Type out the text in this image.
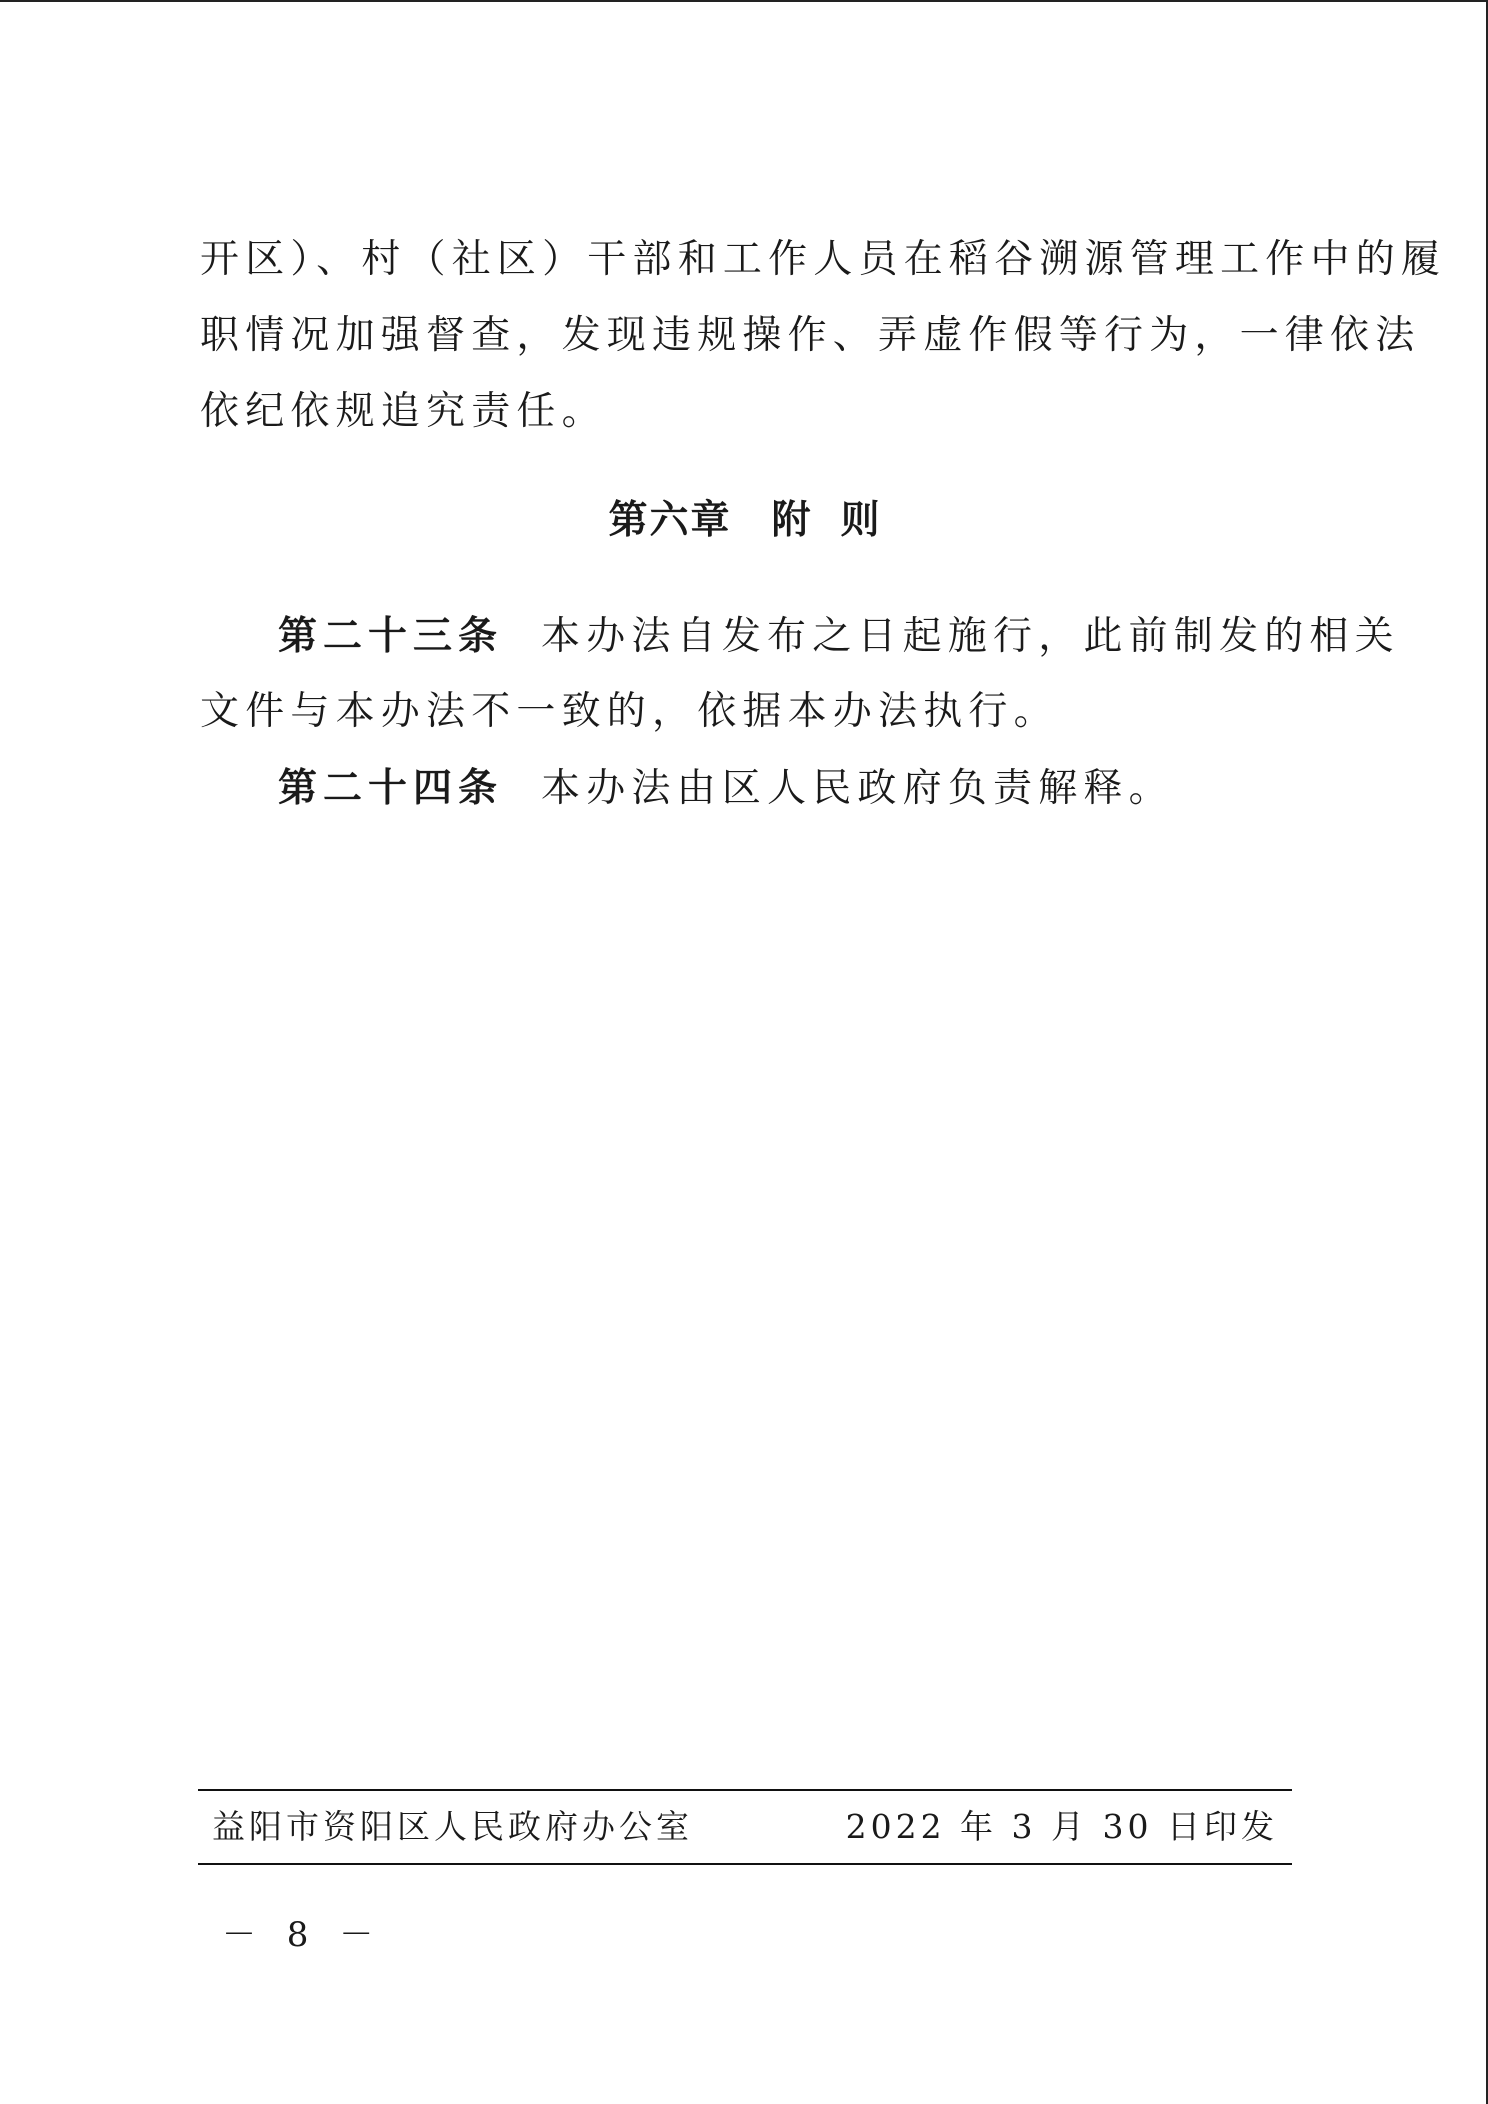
开区）、村（社区）干部和工作人员在稻谷溯源管理工作中的履
职情况加强督查，发现违规操作、弄虚作假等行为，一律依法
依纪依规追究责任。
第六章 附 则
第二十三条 本办法自发布之日起施行，此前制发的相关
文件与本办法不一致的，依据本办法执行。
第二十四条 本办法由区人民政府负责解释。
益阳市资阳区人民政府办公室	2022 年 3 月 30 日印发
－ 8 －
